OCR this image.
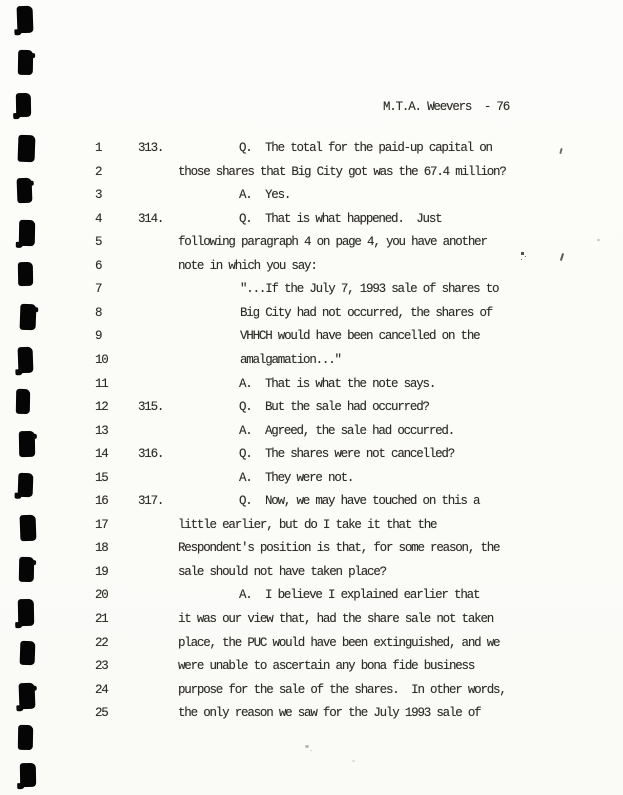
M.T.A. Weevers  - 76
1	313.	Q. The total for the paid-up capital on
2	those shares that Big City got was the 67.4 million?
3	A. Yes.
4	314.	Q. That is what happened.  Just
5	following paragraph 4 on page 4, you have another
6	note in which you say:
7	"...If the July 7, 1993 sale of shares to
8	Big City had not occurred, the shares of
9	VHHCH would have been cancelled on the
10	amalgamation..."
11	A. That is what the note says.
12 315.	Q. But the sale had occurred?
13	A. Agreed, the sale had occurred.
14 316.	Q. The shares were not cancelled?
15	A. They were not.
16 317.	Q. Now, we may have touched on this a
17	little earlier, but do I take it that the
18	Respondent's position is that, for some reason, the
19	sale should not have taken place?
20	A. I believe I explained earlier that
21	it was our view that, had the share sale not taken
22	place, the PUC would have been extinguished, and we
23	were unable to ascertain any bona fide business
24	purpose for the sale of the shares.  In other words,
25	the only reason we saw for the July 1993 sale of
